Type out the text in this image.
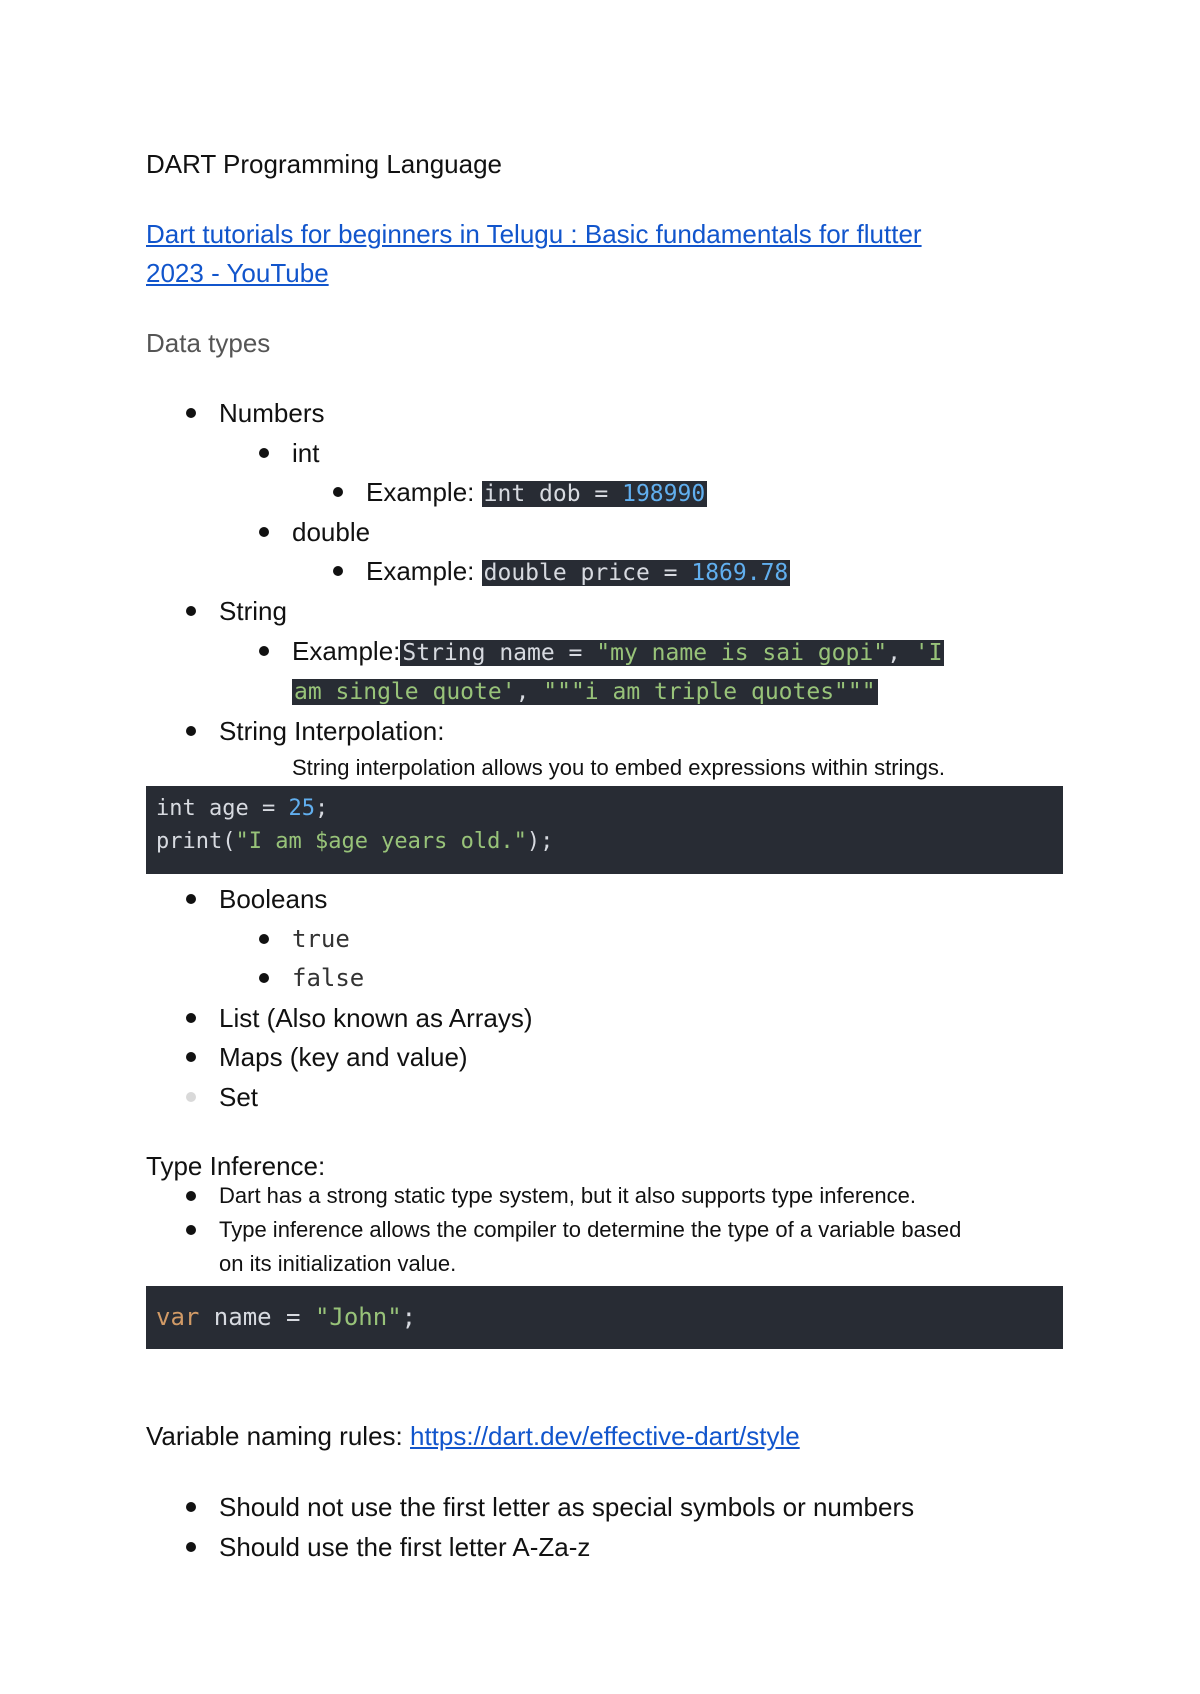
DART Programming Language
Dart tutorials for beginners in Telugu : Basic fundamentals for flutter
2023 - YouTube
Data types
Numbers
int
Example: int dob = 198990
double
Example: double price = 1869.78
String
Example:String name = "my name is sai gopi", 'I
am single quote', """i am triple quotes"""
String Interpolation:
String interpolation allows you to embed expressions within strings.
int age = 25;
print("I am $age years old.");
Booleans
true
false
List (Also known as Arrays)
Maps (key and value)
Set
Type Inference:
Dart has a strong static type system, but it also supports type inference.
Type inference allows the compiler to determine the type of a variable based
on its initialization value.
var name = "John";
Variable naming rules: https://dart.dev/effective-dart/style
Should not use the first letter as special symbols or numbers
Should use the first letter A-Za-z
